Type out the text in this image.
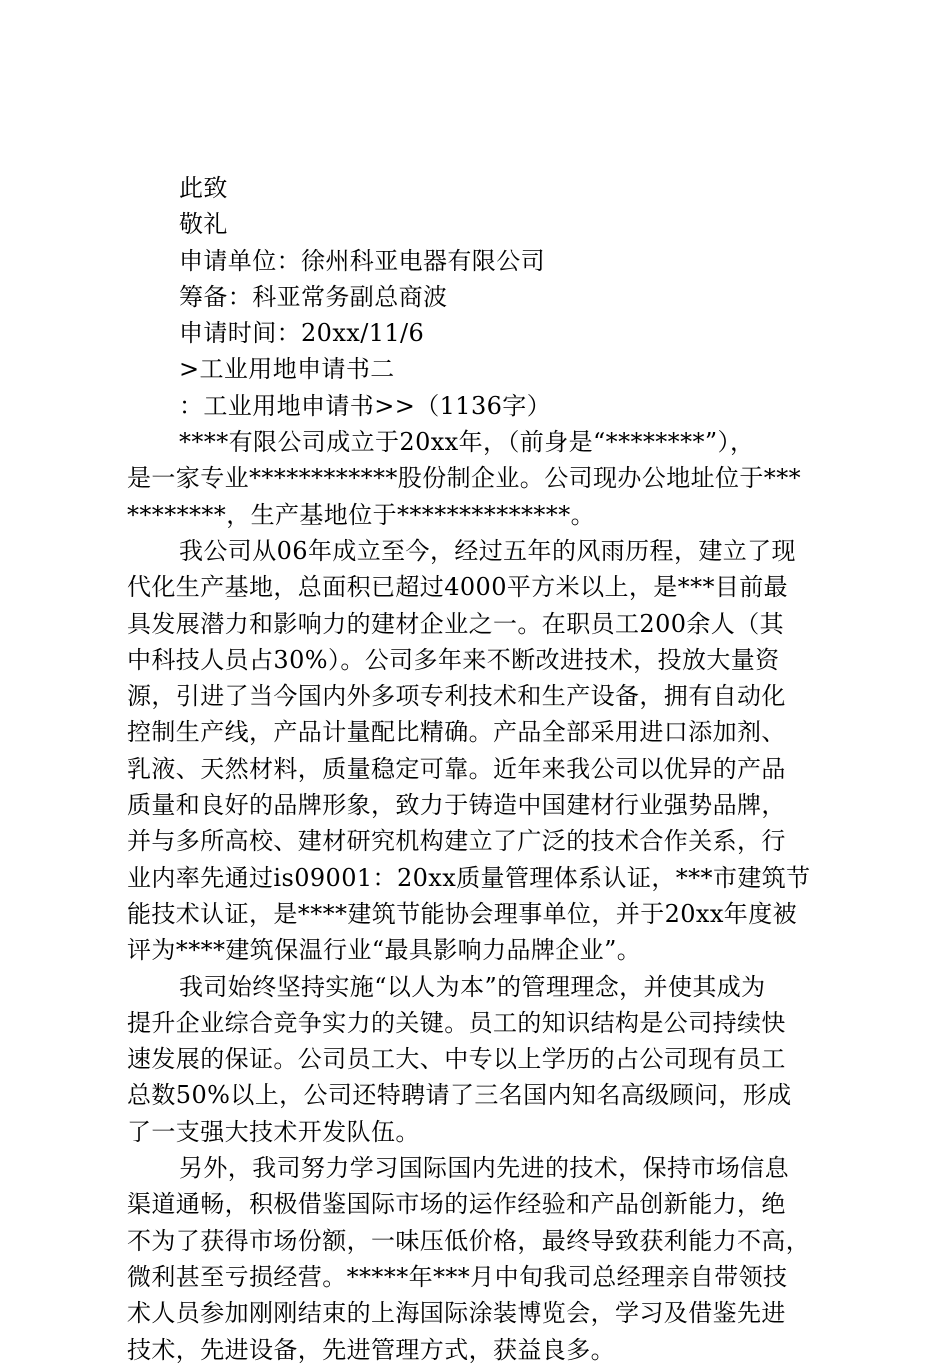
此致
敬礼
申请单位：徐州科亚电器有限公司
筹备：科亚常务副总商波
申请时间：20xx/11/6
>工业用地申请书二
：工业用地申请书>>（1136字）
****有限公司成立于20xx年，（前身是“********”），
是一家专业************股份制企业。公司现办公地址位于***
********，生产基地位于**************。
我公司从06年成立至今，经过五年的风雨历程，建立了现
代化生产基地，总面积已超过4000平方米以上，是***目前最
具发展潜力和影响力的建材企业之一。在职员工200余人（其
中科技人员占30%）。公司多年来不断改进技术，投放大量资
源，引进了当今国内外多项专利技术和生产设备，拥有自动化
控制生产线，产品计量配比精确。产品全部采用进口添加剂、
乳液、天然材料，质量稳定可靠。近年来我公司以优异的产品
质量和良好的品牌形象，致力于铸造中国建材行业强势品牌，
并与多所高校、建材研究机构建立了广泛的技术合作关系，行
业内率先通过is09001：20xx质量管理体系认证，***市建筑节
能技术认证，是****建筑节能协会理事单位，并于20xx年度被
评为****建筑保温行业“最具影响力品牌企业”。
我司始终坚持实施“以人为本”的管理理念，并使其成为
提升企业综合竞争实力的关键。员工的知识结构是公司持续快
速发展的保证。公司员工大、中专以上学历的占公司现有员工
总数50%以上，公司还特聘请了三名国内知名高级顾问，形成
了一支强大技术开发队伍。
另外，我司努力学习国际国内先进的技术，保持市场信息
渠道通畅，积极借鉴国际市场的运作经验和产品创新能力，绝
不为了获得市场份额，一味压低价格，最终导致获利能力不高，
微利甚至亏损经营。*****年***月中旬我司总经理亲自带领技
术人员参加刚刚结束的上海国际涂装博览会，学习及借鉴先进
技术，先进设备，先进管理方式，获益良多。
